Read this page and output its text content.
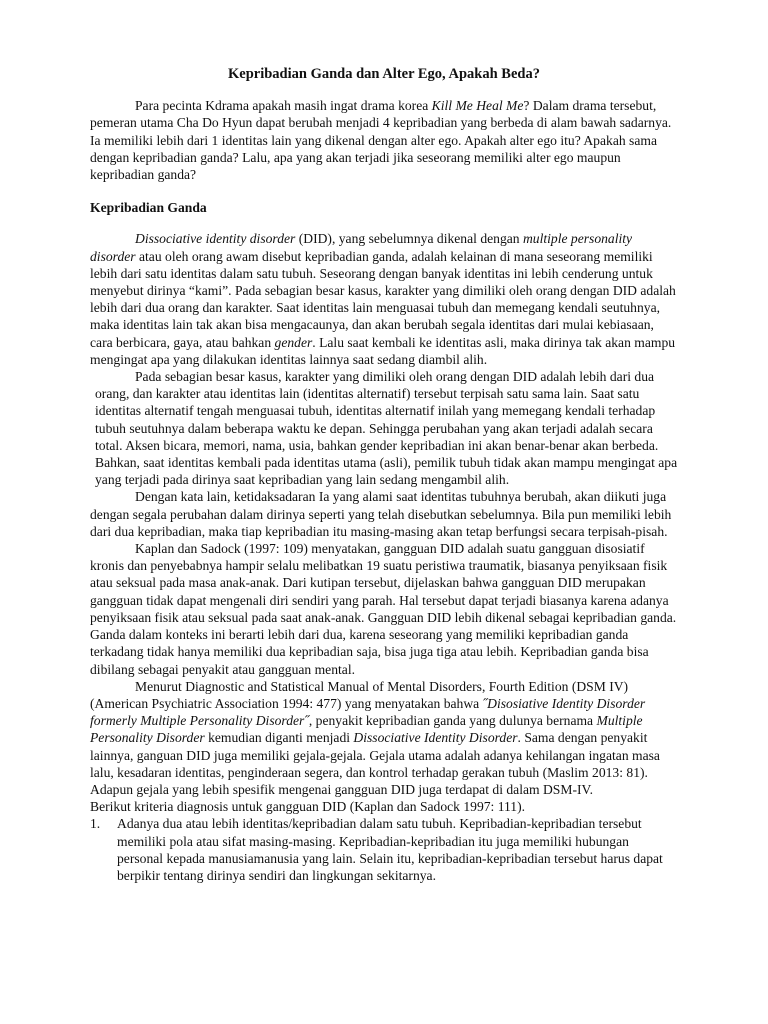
Kepribadian Ganda dan Alter Ego, Apakah Beda?

Para pecinta Kdrama apakah masih ingat drama korea Kill Me Heal Me? Dalam drama tersebut, pemeran utama Cha Do Hyun dapat berubah menjadi 4 kepribadian yang berbeda di alam bawah sadarnya. Ia memiliki lebih dari 1 identitas lain yang dikenal dengan alter ego. Apakah alter ego itu? Apakah sama dengan kepribadian ganda? Lalu, apa yang akan terjadi jika seseorang memiliki alter ego maupun kepribadian ganda?

Kepribadian Ganda

Dissociative identity disorder (DID), yang sebelumnya dikenal dengan multiple personality disorder atau oleh orang awam disebut kepribadian ganda, adalah kelainan di mana seseorang memiliki lebih dari satu identitas dalam satu tubuh. Seseorang dengan banyak identitas ini lebih cenderung untuk menyebut dirinya “kami”. Pada sebagian besar kasus, karakter yang dimiliki oleh orang dengan DID adalah lebih dari dua orang dan karakter. Saat identitas lain menguasai tubuh dan memegang kendali seutuhnya, maka identitas lain tak akan bisa mengacaunya, dan akan berubah segala identitas dari mulai kebiasaan, cara berbicara, gaya, atau bahkan gender. Lalu saat kembali ke identitas asli, maka dirinya tak akan mampu mengingat apa yang dilakukan identitas lainnya saat sedang diambil alih.

Pada sebagian besar kasus, karakter yang dimiliki oleh orang dengan DID adalah lebih dari dua orang, dan karakter atau identitas lain (identitas alternatif) tersebut terpisah satu sama lain. Saat satu identitas alternatif tengah menguasai tubuh, identitas alternatif inilah yang memegang kendali terhadap tubuh seutuhnya dalam beberapa waktu ke depan. Sehingga perubahan yang akan terjadi adalah secara total. Aksen bicara, memori, nama, usia, bahkan gender kepribadian ini akan benar-benar akan berbeda. Bahkan, saat identitas kembali pada identitas utama (asli), pemilik tubuh tidak akan mampu mengingat apa yang terjadi pada dirinya saat kepribadian yang lain sedang mengambil alih.

Dengan kata lain, ketidaksadaran Ia yang alami saat identitas tubuhnya berubah, akan diikuti juga dengan segala perubahan dalam dirinya seperti yang telah disebutkan sebelumnya. Bila pun memiliki lebih dari dua kepribadian, maka tiap kepribadian itu masing-masing akan tetap berfungsi secara terpisah-pisah.

Kaplan dan Sadock (1997: 109) menyatakan, gangguan DID adalah suatu gangguan disosiatif kronis dan penyebabnya hampir selalu melibatkan 19 suatu peristiwa traumatik, biasanya penyiksaan fisik atau seksual pada masa anak-anak. Dari kutipan tersebut, dijelaskan bahwa gangguan DID merupakan gangguan tidak dapat mengenali diri sendiri yang parah. Hal tersebut dapat terjadi biasanya karena adanya penyiksaan fisik atau seksual pada saat anak-anak. Gangguan DID lebih dikenal sebagai kepribadian ganda. Ganda dalam konteks ini berarti lebih dari dua, karena seseorang yang memiliki kepribadian ganda terkadang tidak hanya memiliki dua kepribadian saja, bisa juga tiga atau lebih. Kepribadian ganda bisa dibilang sebagai penyakit atau gangguan mental.

Menurut Diagnostic and Statistical Manual of Mental Disorders, Fourth Edition (DSM IV) (American Psychiatric Association 1994: 477) yang menyatakan bahwa ˝Disosiative Identity Disorder formerly Multiple Personality Disorder˝, penyakit kepribadian ganda yang dulunya bernama Multiple Personality Disorder kemudian diganti menjadi Dissociative Identity Disorder. Sama dengan penyakit lainnya, ganguan DID juga memiliki gejala-gejala. Gejala utama adalah adanya kehilangan ingatan masa lalu, kesadaran identitas, penginderaan segera, dan kontrol terhadap gerakan tubuh (Maslim 2013: 81). Adapun gejala yang lebih spesifik mengenai gangguan DID juga terdapat di dalam DSM-IV.

Berikut kriteria diagnosis untuk gangguan DID (Kaplan dan Sadock 1997: 111).

1. Adanya dua atau lebih identitas/kepribadian dalam satu tubuh. Kepribadian-kepribadian tersebut memiliki pola atau sifat masing-masing. Kepribadian-kepribadian itu juga memiliki hubungan personal kepada manusiamanusia yang lain. Selain itu, kepribadian-kepribadian tersebut harus dapat berpikir tentang dirinya sendiri dan lingkungan sekitarnya.
